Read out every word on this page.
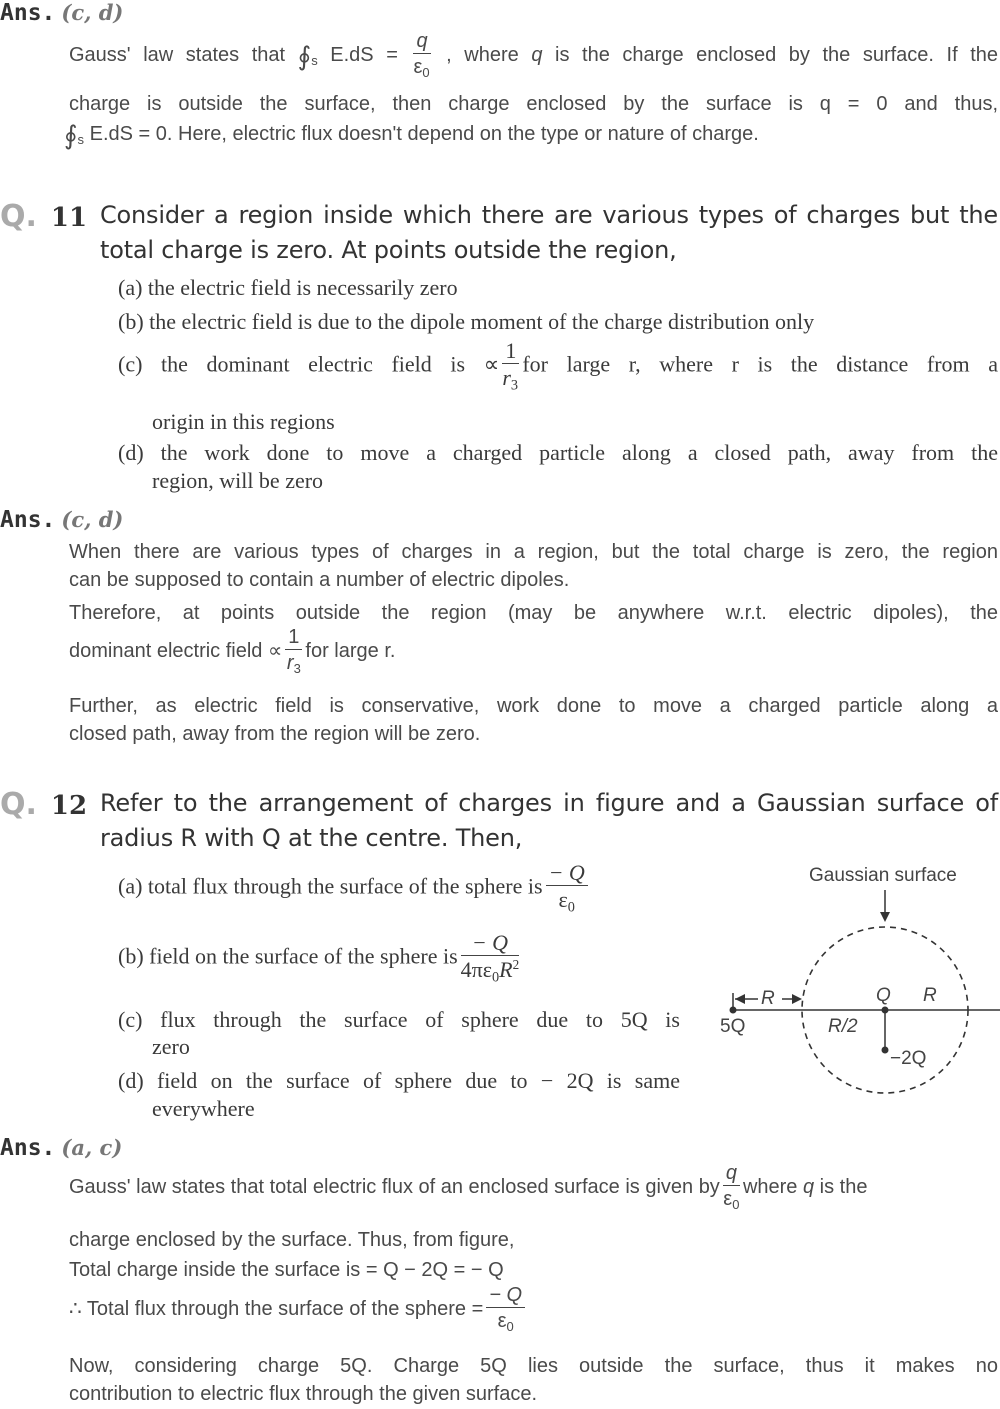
Ans. (c, d)
Gauss' law states that $∮_s$ $E.dS = \frac{q}{\varepsilon_0}$ , where q is the charge enclosed by the surface. If the
charge is outside the surface, then charge enclosed by the surface is q = 0 and thus,
$∮_s$ E.dS = 0. Here, electric flux doesn't depend on the type or nature of charge.
Q. 11 Consider a region inside which there are various types of charges but the
total charge is zero. At points outside the region,
(a) the electric field is necessarily zero
(b) the electric field is due to the dipole moment of the charge distribution only
(c) the dominant electric field is ∝ $\frac{1}{r_3}$ for large r, where r is the distance from a
origin in this regions
(d) the work done to move a charged particle along a closed path, away from the
region, will be zero
Ans. (c, d)
When there are various types of charges in a region, but the total charge is zero, the region
can be supposed to contain a number of electric dipoles.
Therefore, at points outside the region (may be anywhere w.r.t. electric dipoles), the
dominant electric field ∝ $\frac{1}{r_3}$ for large r.
Further, as electric field is conservative, work done to move a charged particle along a
closed path, away from the region will be zero.
Q. 12 Refer to the arrangement of charges in figure and a Gaussian surface of
radius R with Q at the centre. Then,
(a) total flux through the surface of the sphere is $\frac{- Q}{\varepsilon_0}$
(b) field on the surface of the sphere is $\frac{- Q}{4\pi\varepsilon_0R^2}$
(c) flux through the surface of sphere due to 5Q is
zero
(d) field on the surface of sphere due to − 2Q is same
everywhere
Gaussian surface
R
5Q	R/2
Q R
−2Q
Ans. (a, c)
Gauss' law states that total electric flux of an enclosed surface is given by $\frac{q}{\varepsilon_0}$ where q is the
charge enclosed by the surface. Thus, from figure,
Total charge inside the surface is = Q − 2Q = − Q
∴ Total flux through the surface of the sphere = $\frac{- Q}{\varepsilon_0}$
Now, considering charge 5Q. Charge 5Q lies outside the surface, thus it makes no
contribution to electric flux through the given surface.
